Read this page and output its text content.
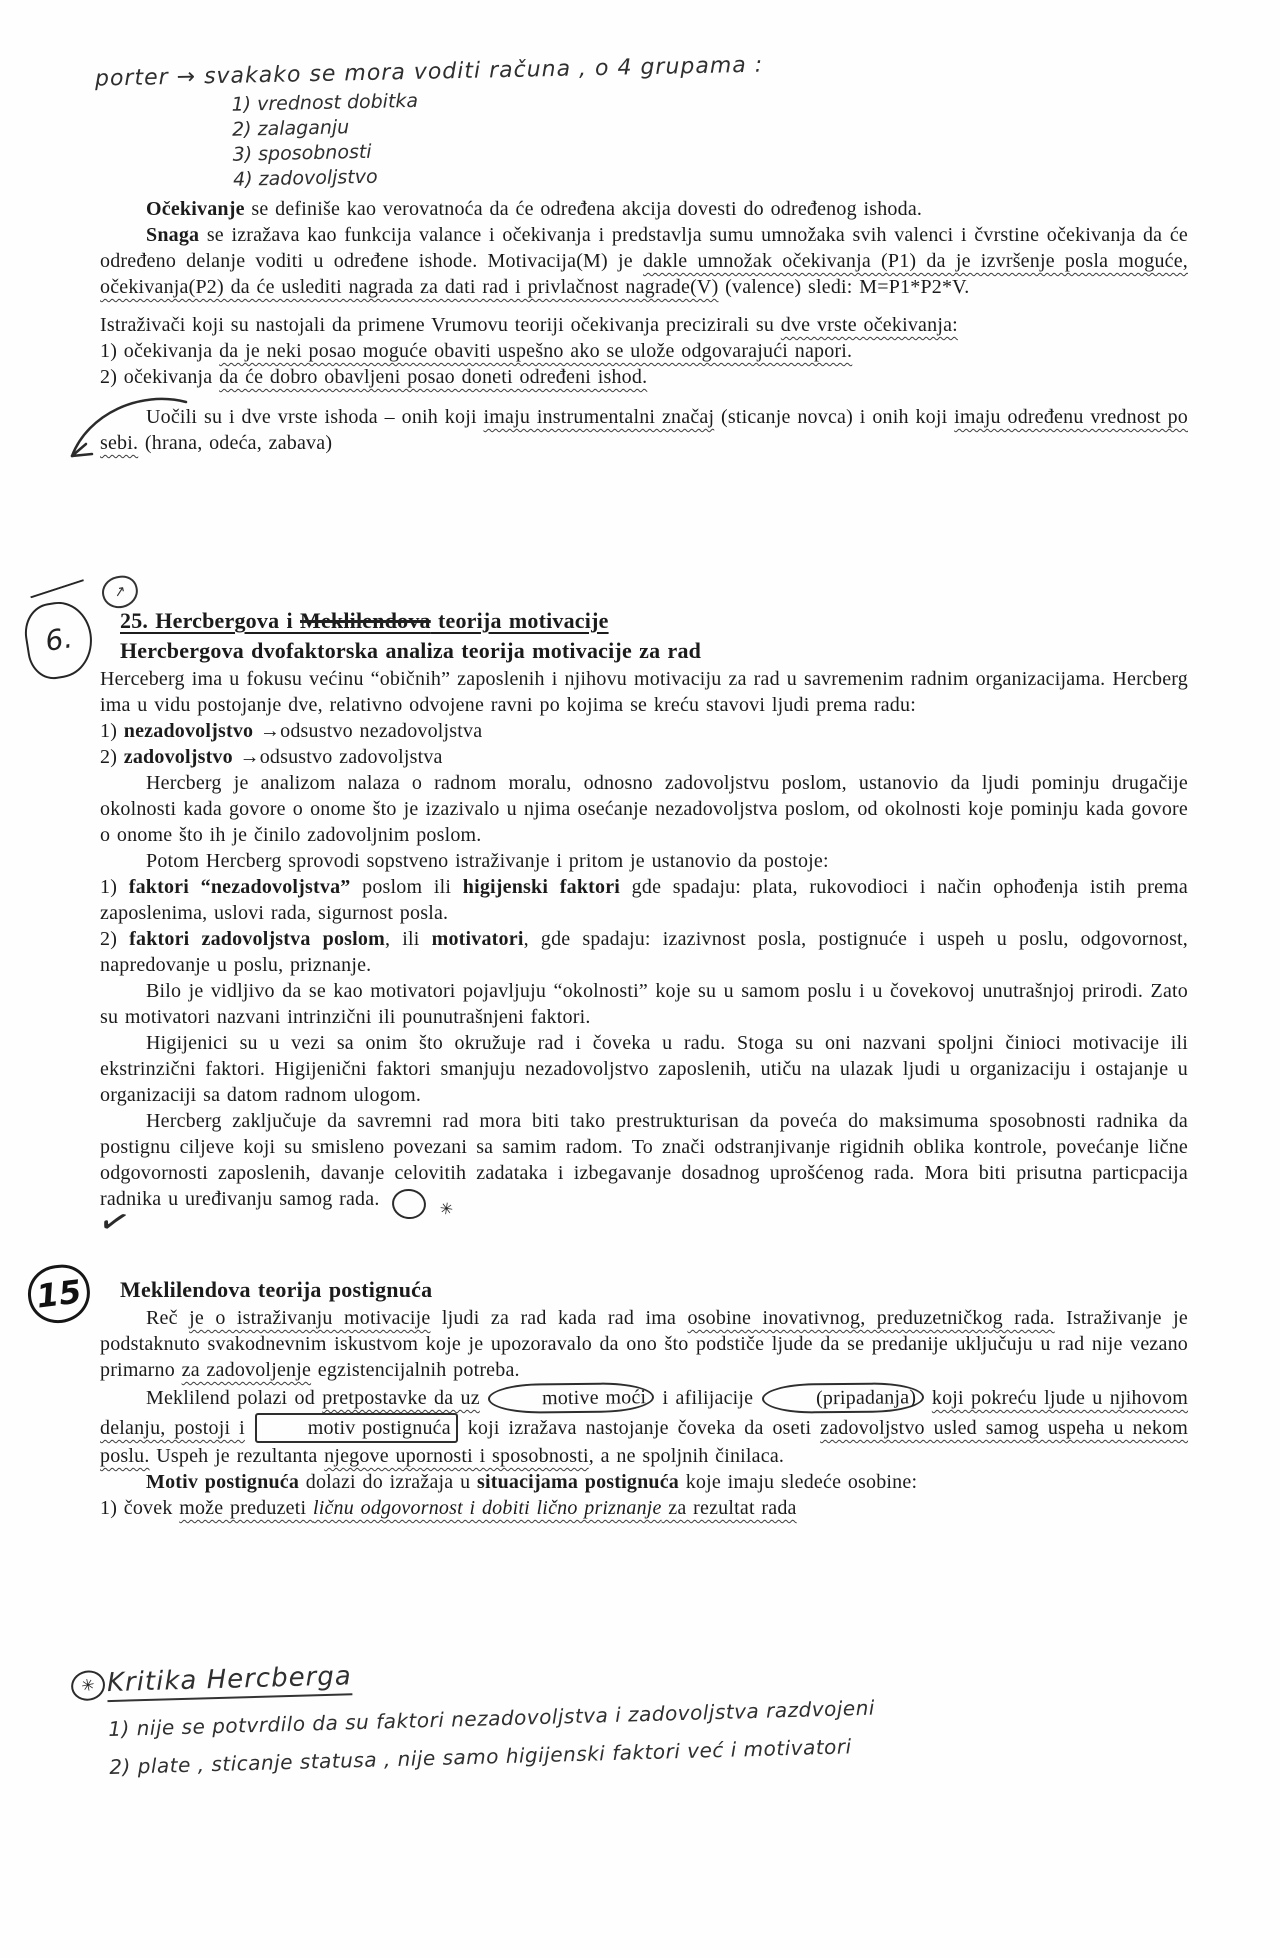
porter → svakako se mora voditi računa , o 4 grupama :
1) vrednost dobitka
2) zalaganju
3) sposobnosti
4) zadovoljstvo
↗

Očekivanje se definiše kao verovatnoća da će određena akcija dovesti do određenog ishoda.

Snaga se izražava kao funkcija valance i očekivanja i predstavlja sumu umnožaka svih valenci i čvrstine očekivanja da će određeno delanje voditi u određene ishode. Motivacija(M) je dakle umnožak očekivanja (P1) da je izvršenje posla moguće, očekivanja(P2) da će uslediti nagrada za dati rad i privlačnost nagrade(V) (valence) sledi: M=P1*P2*V.

Istraživači koji su nastojali da primene Vrumovu teoriji očekivanja precizirali su dve vrste očekivanja:

1) očekivanja da je neki posao moguće obaviti uspešno ako se ulože odgovarajući napori.

2) očekivanja da će dobro obavljeni posao doneti određeni ishod.

Uočili su i dve vrste ishoda – onih koji imaju instrumentalni značaj (sticanje novca) i onih koji imaju određenu vrednost po sebi. (hrana, odeća, zabava)

6.
25. Hercbergova i Meklilendova teorija motivacije
Hercbergova dvofaktorska analiza teorija motivacije za rad

Herceberg ima u fokusu većinu “običnih” zaposlenih i njihovu motivaciju za rad u savremenim radnim organizacijama. Hercberg ima u vidu postojanje dve, relativno odvojene ravni po kojima se kreću stavovi ljudi prema radu:

1) nezadovoljstvo →odsustvo nezadovoljstva

2) zadovoljstvo →odsustvo zadovoljstva

Hercberg je analizom nalaza o radnom moralu, odnosno zadovoljstvu poslom, ustanovio da ljudi pominju drugačije okolnosti kada govore o onome što je izazivalo u njima osećanje nezadovoljstva poslom, od okolnosti koje pominju kada govore o onome što ih je činilo zadovoljnim poslom.

Potom Hercberg sprovodi sopstveno istraživanje i pritom je ustanovio da postoje:

1) faktori “nezadovoljstva” poslom ili higijenski faktori gde spadaju: plata, rukovodioci i način ophođenja istih prema zaposlenima, uslovi rada, sigurnost posla.

2) faktori zadovoljstva poslom, ili motivatori, gde spadaju: izazivnost posla, postignuće i uspeh u poslu, odgovornost, napredovanje u poslu, priznanje.

Bilo je vidljivo da se kao motivatori pojavljuju “okolnosti” koje su u samom poslu i u čovekovoj unutrašnjoj prirodi. Zato su motivatori nazvani intrinzični ili pounutrašnjeni faktori.

Higijenici su u vezi sa onim što okružuje rad i čoveka u radu. Stoga su oni nazvani spoljni činioci motivacije ili ekstrinzični faktori. Higijenični faktori smanjuju nezadovoljstvo zaposlenih, utiču na ulazak ljudi u organizaciju i ostajanje u organizaciji sa datom radnom ulogom.

✓
Hercberg zaključuje da savremni rad mora biti tako prestrukturisan da poveća do maksimuma sposobnosti radnika da postignu ciljeve koji su smisleno povezani sa samim radom. To znači odstranjivanje rigidnih oblika kontrole, povećanje lične odgovornosti zaposlenih, davanje celovitih zadataka i izbegavanje dosadnog uprošćenog rada. Mora biti prisutna particpacija radnika u uređivanju samog rada.	✳

15 Meklilendova teorija postignuća

Reč je o istraživanju motivacije ljudi za rad kada rad ima osobine inovativnog, preduzetničkog rada. Istraživanje je podstaknuto svakodnevnim iskustvom koje je upozoravalo da ono što podstiče ljude da se predanije uključuju u rad nije vezano primarno za zadovoljenje egzistencijalnih potreba.

Meklilend polazi od pretpostavke da uz	motive moći i afilijacije	(pripadanja) koji pokreću ljude u njihovom delanju, postoji i	motiv postignuća koji izražava nastojanje čoveka da oseti zadovoljstvo usled samog uspeha u nekom poslu. Uspeh je rezultanta njegove upornosti i sposobnosti, a ne spoljnih činilaca.

Motiv postignuća dolazi do izražaja u situacijama postignuća koje imaju sledeće osobine:

1) čovek može preduzeti ličnu odgovornost i dobiti lično priznanje za rezultat rada

✳ Kritika Hercberga
1) nije se potvrdilo da su faktori nezadovoljstva i zadovoljstva razdvojeni
2) plate , sticanje statusa , nije samo higijenski faktori već i motivatori
